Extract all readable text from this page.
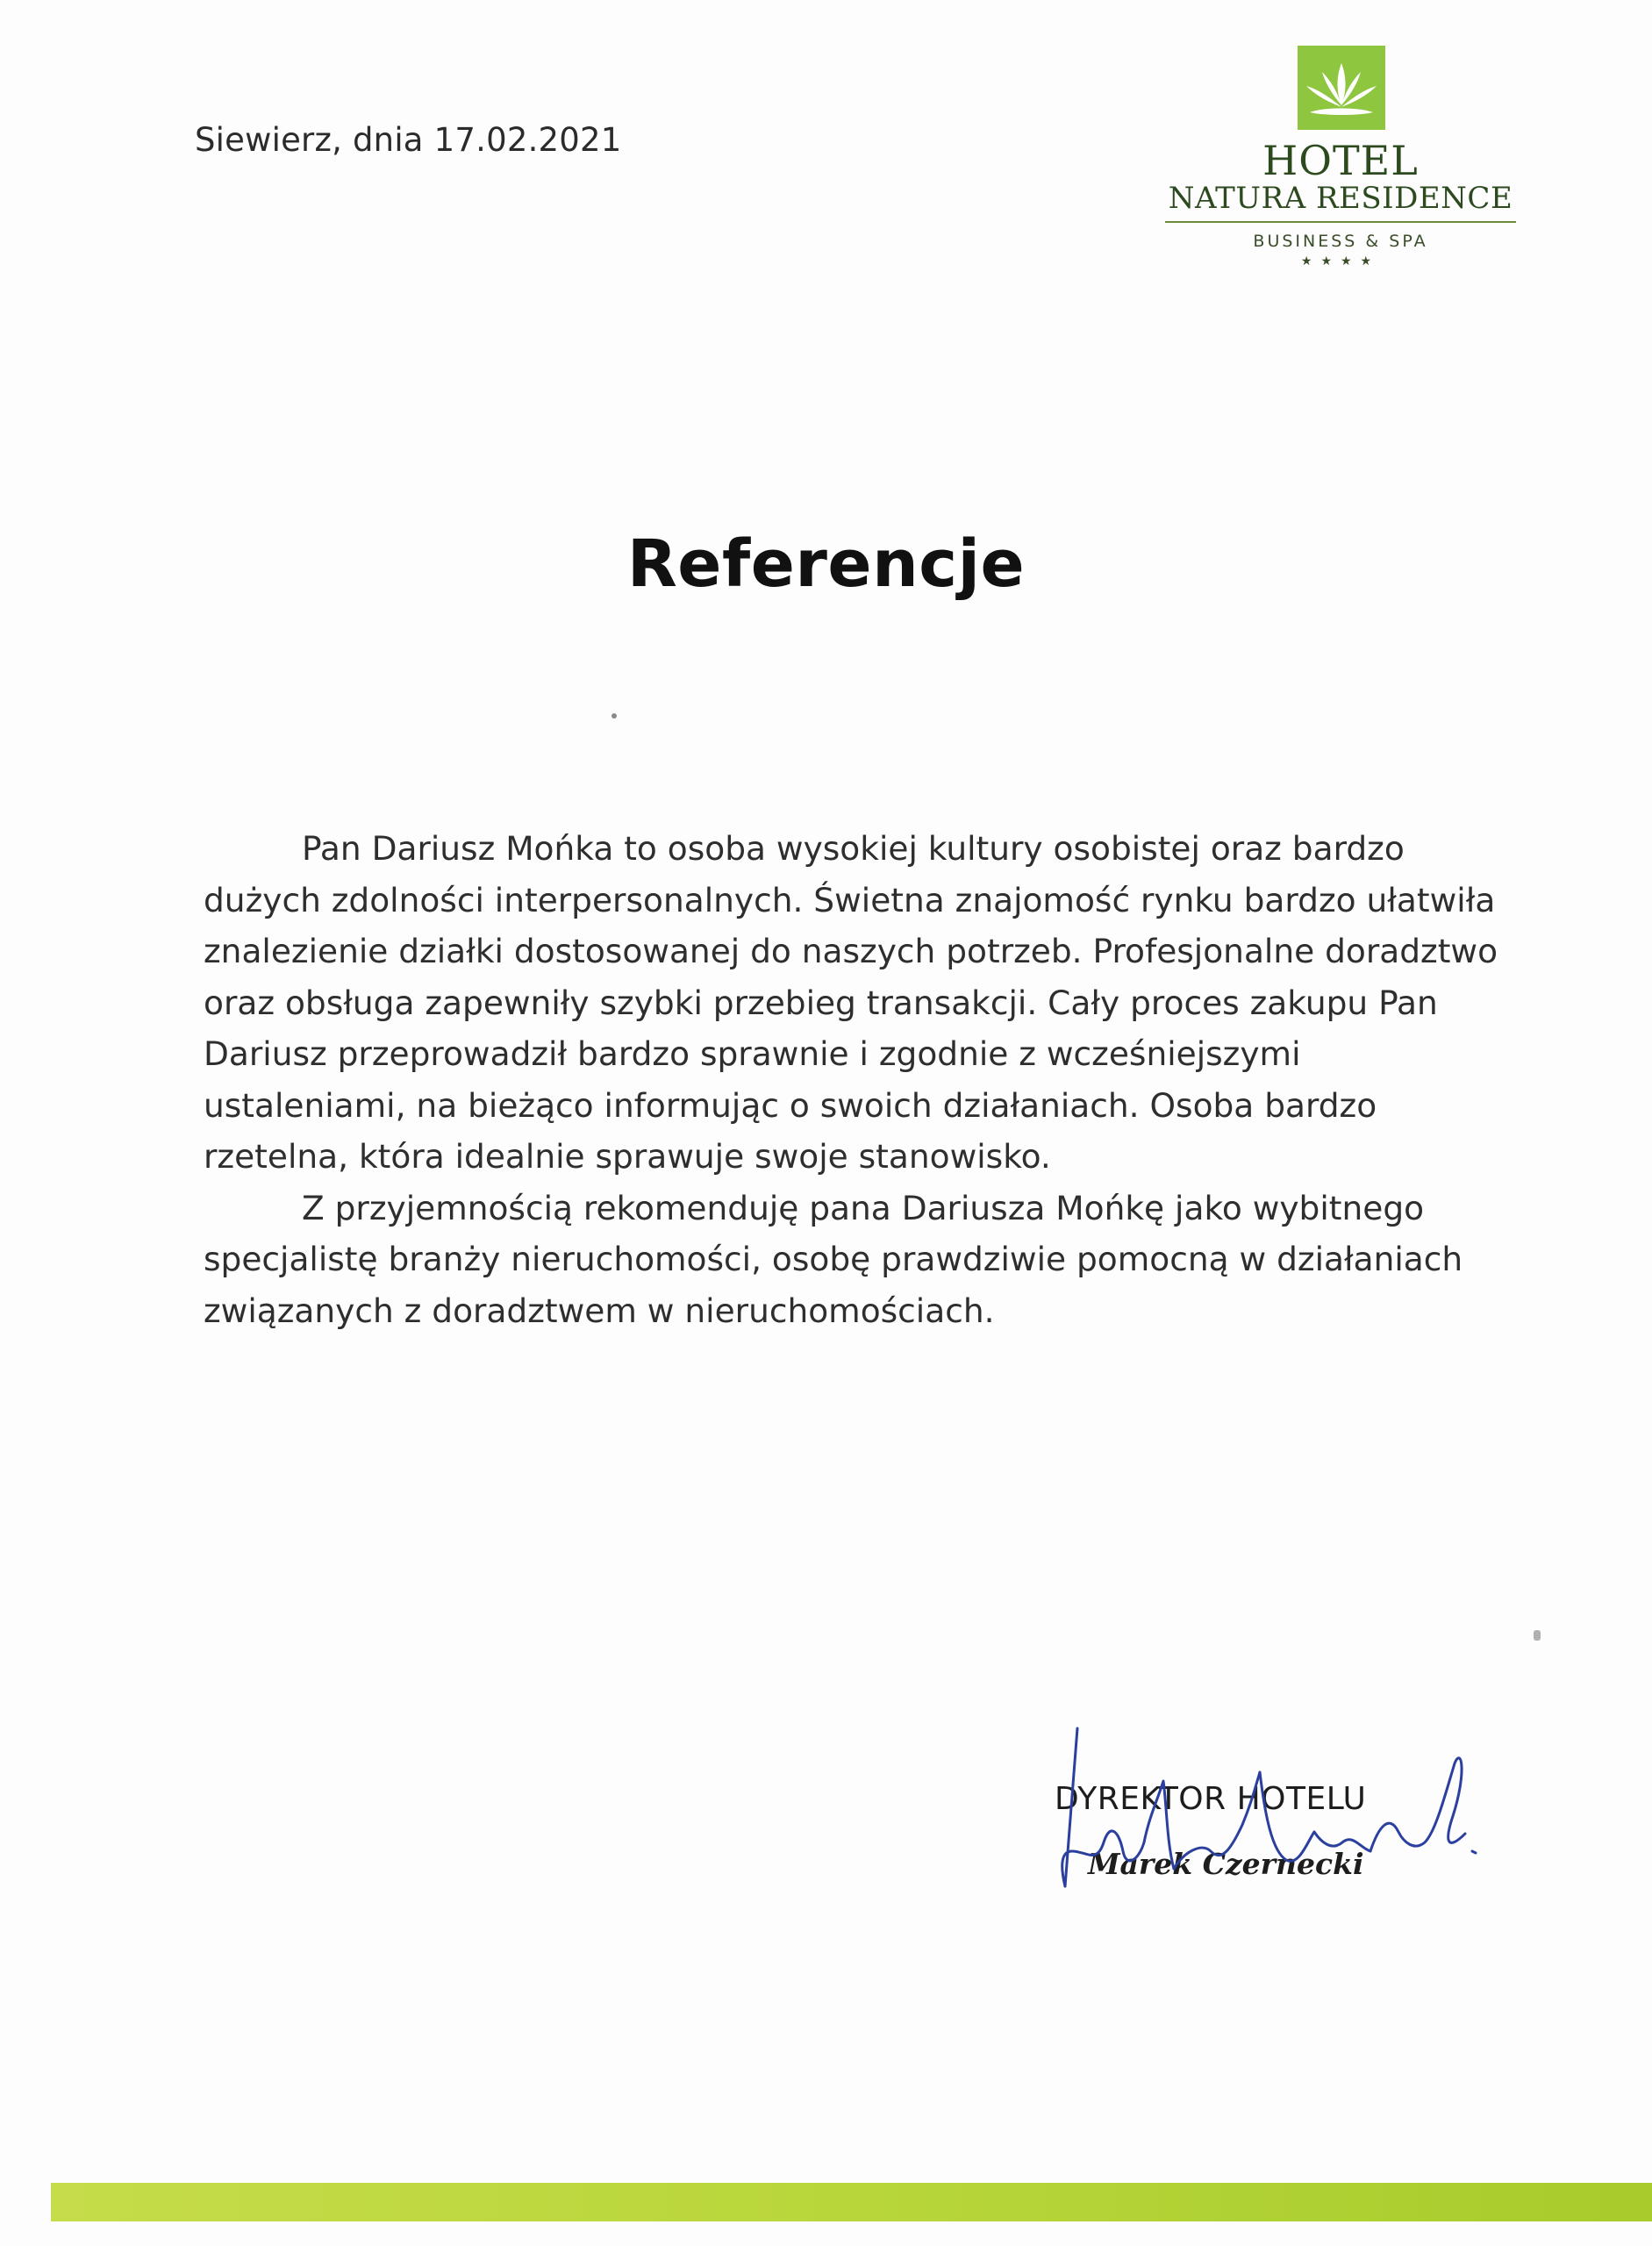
Siewierz, dnia 17.02.2021	HOTEL
NATURA RESIDENCE
BUSINESS & SPA
★★★★
Referencje

Pan Dariusz Mońka to osoba wysokiej kultury osobistej oraz bardzo dużych zdolności interpersonalnych. Świetna znajomość rynku bardzo ułatwiła znalezienie działki dostosowanej do naszych potrzeb. Profesjonalne doradztwo oraz obsługa zapewniły szybki przebieg transakcji. Cały proces zakupu Pan Dariusz przeprowadził bardzo sprawnie i zgodnie z wcześniejszymi ustaleniami, na bieżąco informując o swoich działaniach. Osoba bardzo rzetelna, która idealnie sprawuje swoje stanowisko.

Z przyjemnością rekomenduję pana Dariusza Mońkę jako wybitnego specjalistę branży nieruchomości, osobę prawdziwie pomocną w działaniach związanych z doradztwem w nieruchomościach.

DYREKTOR HOTELU
Marek Czernecki
